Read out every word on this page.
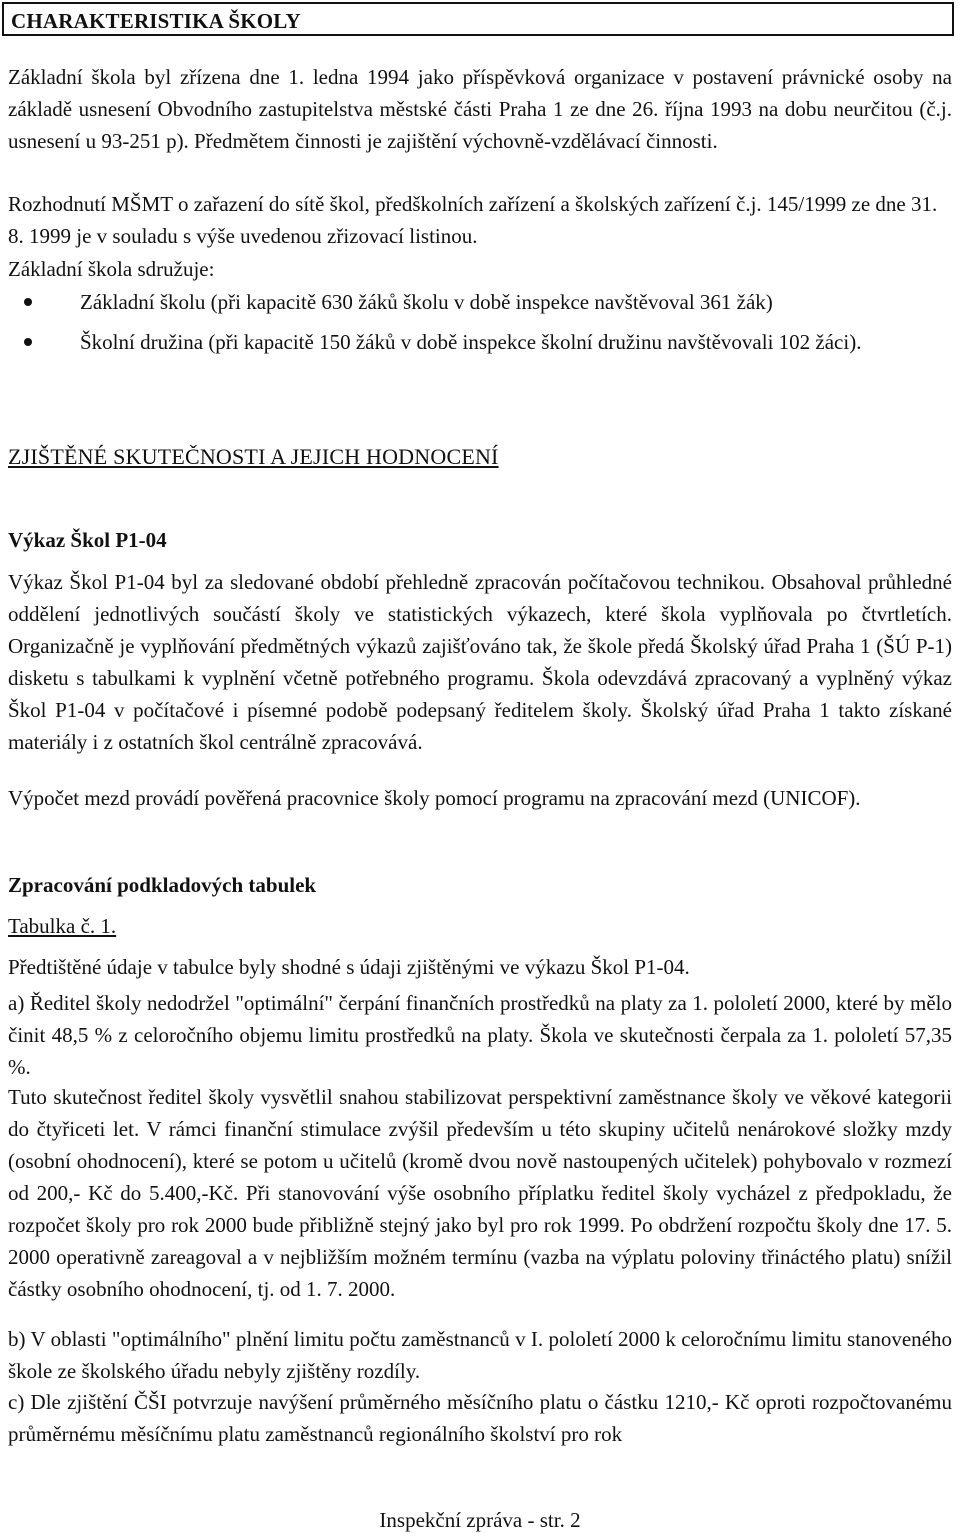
CHARAKTERISTIKA ŠKOLY

Základní škola byl zřízena dne 1. ledna 1994 jako příspěvková organizace v postavení právnické osoby na základě usnesení Obvodního zastupitelstva městské části Praha 1 ze dne 26. října 1993 na dobu neurčitou (č.j. usnesení u 93-251 p). Předmětem činnosti je zajištění výchovně-vzdělávací činnosti.

Rozhodnutí MŠMT o zařazení do sítě škol, předškolních zařízení a školských zařízení č.j. 145/1999 ze dne 31. 8. 1999 je v souladu s výše uvedenou zřizovací listinou.

Základní škola sdružuje:

Základní školu (při kapacitě 630 žáků školu v době inspekce navštěvoval 361 žák)
Školní družina (při kapacitě 150 žáků v době inspekce školní družinu navštěvovali 102 žáci).
ZJIŠTĚNÉ SKUTEČNOSTI A JEJICH HODNOCENÍ
Výkaz Škol P1-04

Výkaz Škol P1-04 byl za sledované období přehledně zpracován počítačovou technikou. Obsahoval průhledné oddělení jednotlivých součástí školy ve statistických výkazech, které škola vyplňovala po čtvrtletích. Organizačně je vyplňování předmětných výkazů zajišťováno tak, že škole předá Školský úřad Praha 1 (ŠÚ P-1) disketu s tabulkami k vyplnění včetně potřebného programu. Škola odevzdává zpracovaný a vyplněný výkaz Škol P1-04 v počítačové i písemné podobě podepsaný ředitelem školy. Školský úřad Praha 1 takto získané materiály i z ostatních škol centrálně zpracovává.

Výpočet mezd provádí pověřená pracovnice školy pomocí programu na zpracování mezd (UNICOF).

Zpracování podkladových tabulek
Tabulka č. 1.

Předtištěné údaje v tabulce byly shodné s údaji zjištěnými ve výkazu Škol P1-04.

a) Ředitel školy nedodržel "optimální" čerpání finančních prostředků na platy za 1. pololetí 2000, které by mělo činit 48,5 % z celoročního objemu limitu prostředků na platy. Škola ve skutečnosti čerpala za 1. pololetí 57,35 %.

Tuto skutečnost ředitel školy vysvětlil snahou stabilizovat perspektivní zaměstnance školy ve věkové kategorii do čtyřiceti let. V rámci finanční stimulace zvýšil především u této skupiny učitelů nenárokové složky mzdy (osobní ohodnocení), které se potom u učitelů (kromě dvou nově nastoupených učitelek) pohybovalo v rozmezí od 200,- Kč do 5.400,-Kč. Při stanovování výše osobního příplatku ředitel školy vycházel z předpokladu, že rozpočet školy pro rok 2000 bude přibližně stejný jako byl pro rok 1999. Po obdržení rozpočtu školy dne 17. 5. 2000 operativně zareagoval a v nejbližším možném termínu (vazba na výplatu poloviny třináctého platu) snížil částky osobního ohodnocení, tj. od 1. 7. 2000.

b) V oblasti "optimálního" plnění limitu počtu zaměstnanců v I. pololetí 2000 k celoročnímu limitu stanoveného škole ze školského úřadu nebyly zjištěny rozdíly.

c) Dle zjištění ČŠI potvrzuje navýšení průměrného měsíčního platu o částku 1210,- Kč oproti rozpočtovanému průměrnému měsíčnímu platu zaměstnanců regionálního školství pro rok

Inspekční zpráva - str. 2
